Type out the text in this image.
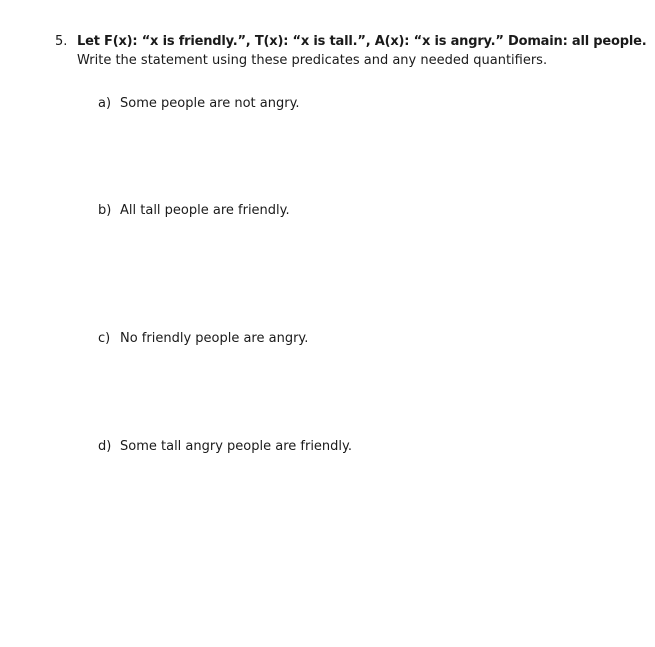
5. Let F(x): “x is friendly.”, T(x): “x is tall.”, A(x): “x is angry.” Domain: all people.
Write the statement using these predicates and any needed quantifiers.
a) Some people are not angry.
b) All tall people are friendly.
c) No friendly people are angry.
d) Some tall angry people are friendly.
